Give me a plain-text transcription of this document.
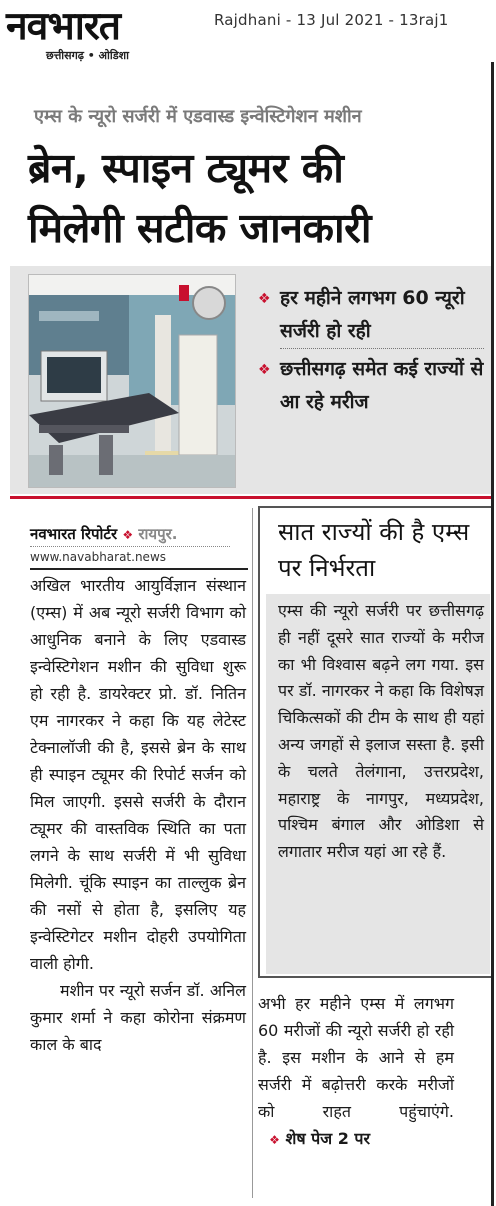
नवभारत
छत्तीसगढ़ • ओडिशा
Rajdhani - 13 Jul 2021 - 13raj1
एम्स के न्यूरो सर्जरी में एडवास्ड इन्वेस्टिगेशन मशीन
ब्रेन, स्पाइन ट्यूमर की
मिलेगी सटीक जानकारी
❖ हर महीने लगभग 60 न्यूरो सर्जरी हो रही
❖ छत्तीसगढ़ समेत कई राज्यों से आ रहे मरीज
नवभारत रिपोर्टर ❖ रायपुर.
www.navabharat.news

अखिल भारतीय आयुर्विज्ञान संस्थान (एम्स) में अब न्यूरो सर्जरी विभाग को आधुनिक बनाने के लिए एडवास्ड इन्वेस्टिगेशन मशीन की सुविधा शुरू हो रही है. डायरेक्टर प्रो. डॉ. नितिन एम नागरकर ने कहा कि यह लेटेस्ट टेक्नालॉजी की है, इससे ब्रेन के साथ ही स्पाइन ट्यूमर की रिपोर्ट सर्जन को मिल जाएगी. इससे सर्जरी के दौरान ट्यूमर की वास्तविक स्थिति का पता लगने के साथ सर्जरी में भी सुविधा मिलेगी. चूंकि स्पाइन का ताल्लुक ब्रेन की नसों से होता है, इसलिए यह इन्वेस्टिगेटर मशीन दोहरी उपयोगिता वाली होगी.

मशीन पर न्यूरो सर्जन डॉ. अनिल कुमार शर्मा ने कहा कोरोना संक्रमण काल के बाद

सात राज्यों की है एम्स पर निर्भरता
एम्स की न्यूरो सर्जरी पर छत्तीसगढ़ ही नहीं दूसरे सात राज्यों के मरीज का भी विश्वास बढ़ने लग गया. इस पर डॉ. नागरकर ने कहा कि विशेषज्ञ चिकित्सकों की टीम के साथ ही यहां अन्य जगहों से इलाज सस्ता है. इसी के चलते तेलंगाना, उत्तरप्रदेश, महाराष्ट्र के नागपुर, मध्यप्रदेश, पश्चिम बंगाल और ओडिशा से लगातार मरीज यहां आ रहे हैं.
अभी हर महीने एम्स में लगभग 60 मरीजों की न्यूरो सर्जरी हो रही है. इस मशीन के आने से हम सर्जरी में बढ़ोत्तरी करके मरीजों को राहत पहुंचाएंगे.   ❖ शेष पेज 2 पर
